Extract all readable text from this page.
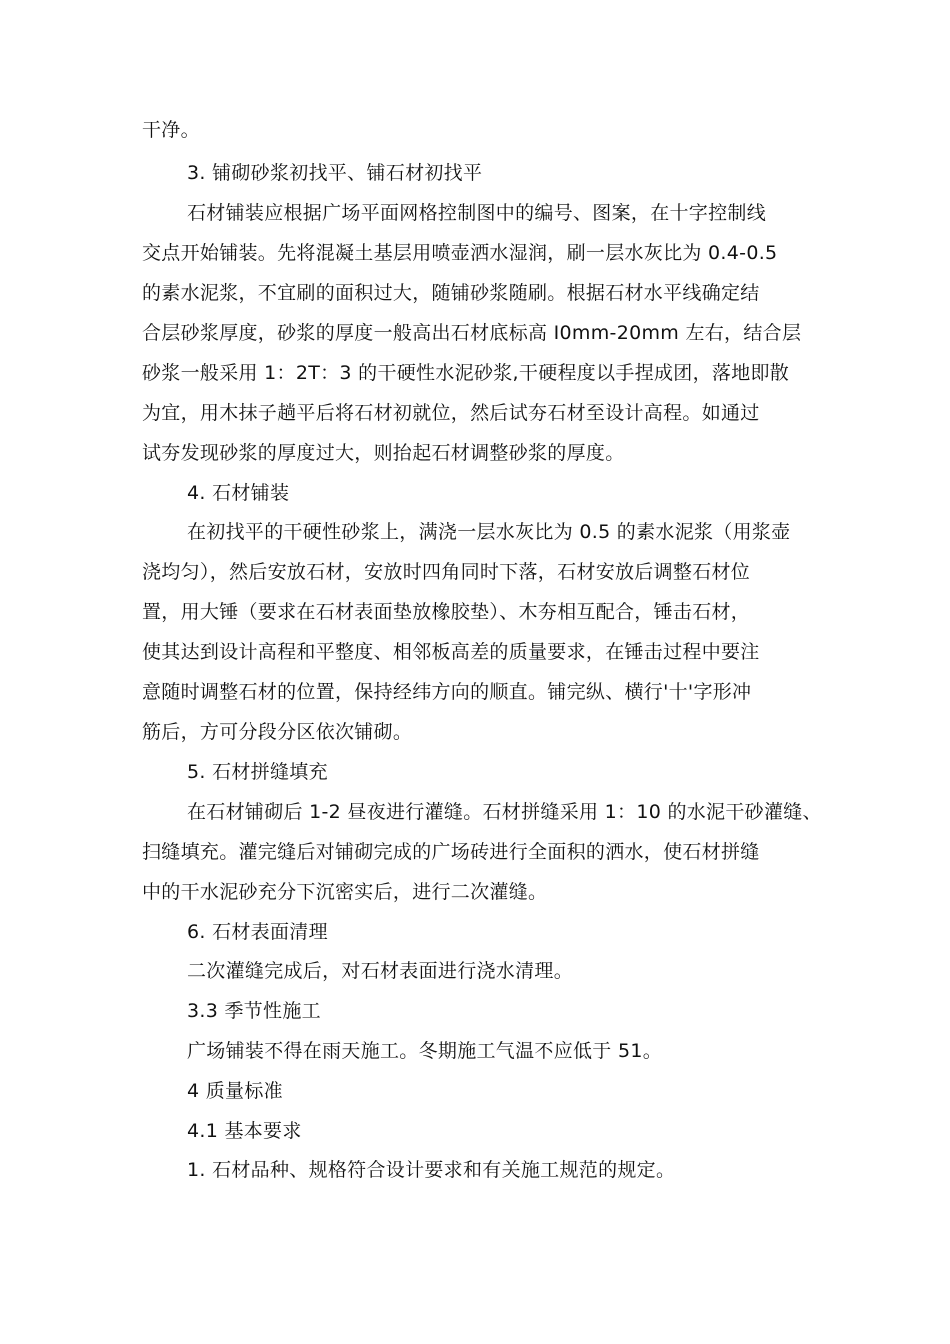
干净。
3. 铺砌砂浆初找平、铺石材初找平
石材铺装应根据广场平面网格控制图中的编号、图案，在十字控制线
交点开始铺装。先将混凝土基层用喷壶洒水湿润，刷一层水灰比为 0.4-0.5
的素水泥浆，不宜刷的面积过大，随铺砂浆随刷。根据石材水平线确定结
合层砂浆厚度，砂浆的厚度一般高出石材底标高 I0mm-20mm 左右，结合层
砂浆一般采用 1：2T：3 的干硬性水泥砂浆,干硬程度以手捏成团，落地即散
为宜，用木抹子趟平后将石材初就位，然后试夯石材至设计高程。如通过
试夯发现砂浆的厚度过大，则抬起石材调整砂浆的厚度。
4. 石材铺装
在初找平的干硬性砂浆上，满浇一层水灰比为 0.5 的素水泥浆（用浆壶
浇均匀），然后安放石材，安放时四角同时下落，石材安放后调整石材位
置，用大锤（要求在石材表面垫放橡胶垫）、木夯相互配合，锤击石材，
使其达到设计高程和平整度、相邻板高差的质量要求，在锤击过程中要注
意随时调整石材的位置，保持经纬方向的顺直。铺完纵、横行'十'字形冲
筋后，方可分段分区依次铺砌。
5. 石材拼缝填充
在石材铺砌后 1-2 昼夜进行灌缝。石材拼缝采用 1：10 的水泥干砂灌缝、
扫缝填充。灌完缝后对铺砌完成的广场砖进行全面积的洒水，使石材拼缝
中的干水泥砂充分下沉密实后，进行二次灌缝。
6. 石材表面清理
二次灌缝完成后，对石材表面进行浇水清理。
3.3 季节性施工
广场铺装不得在雨天施工。冬期施工气温不应低于 51。
4 质量标准
4.1 基本要求
1. 石材品种、规格符合设计要求和有关施工规范的规定。
